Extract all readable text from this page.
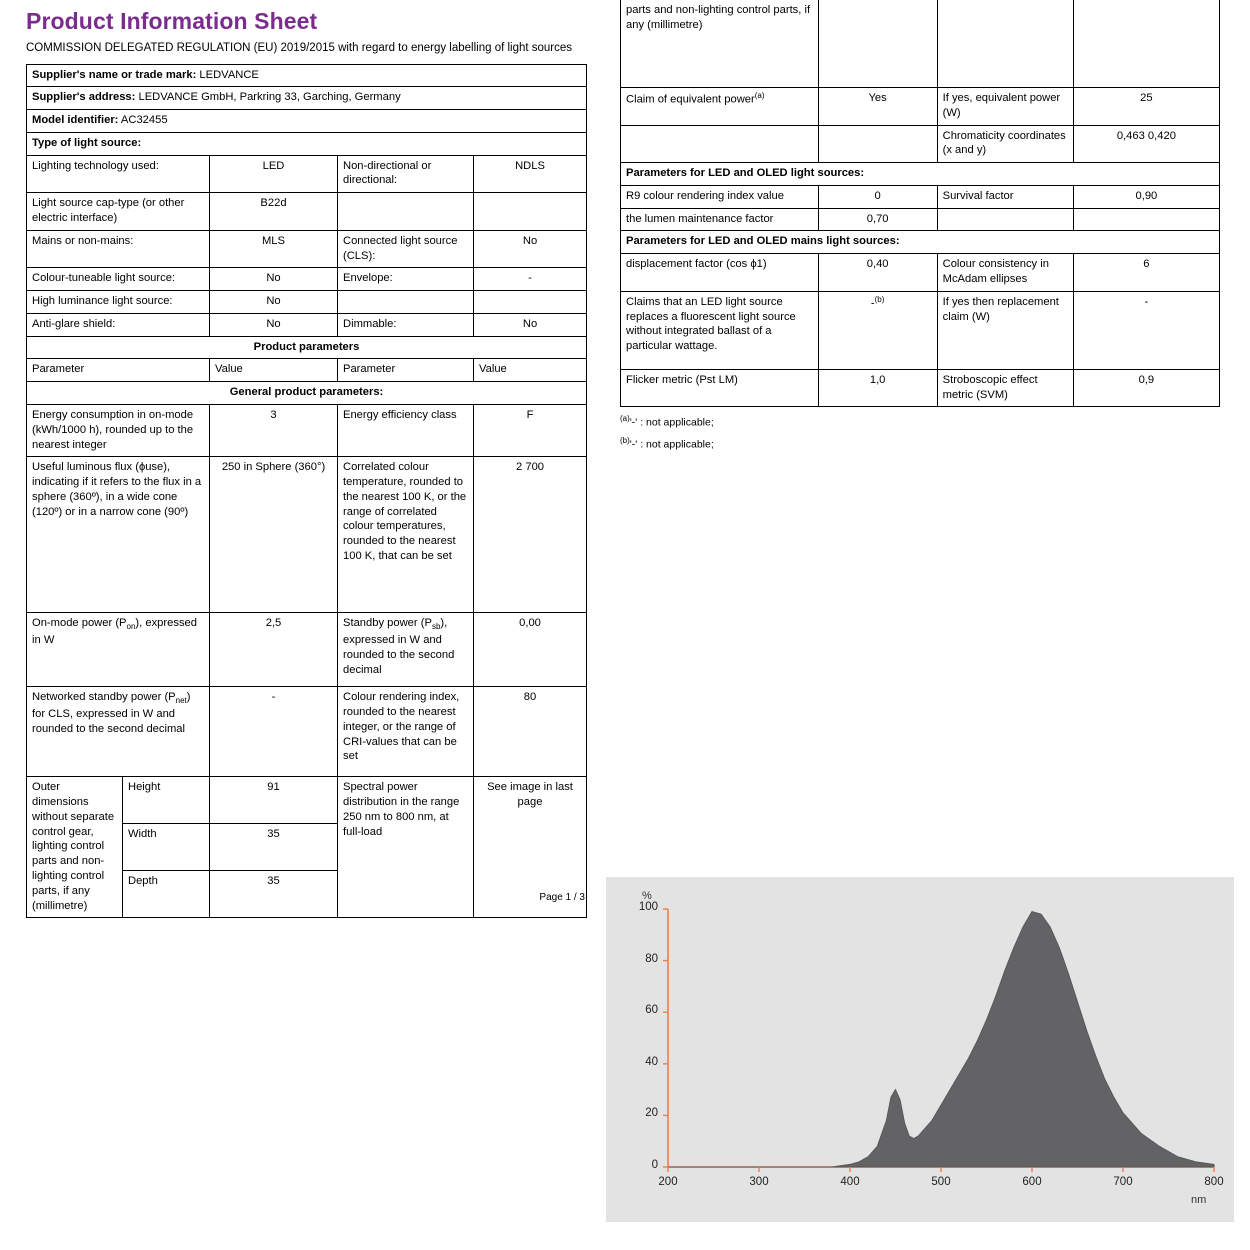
Product Information Sheet
COMMISSION DELEGATED REGULATION (EU) 2019/2015 with regard to energy labelling of light sources
Supplier's name or trade mark: LEDVANCE			
Supplier's address: LEDVANCE GmbH, Parkring 33, Garching, Germany			
Model identifier: AC32455			
Type of light source:			
Lighting technology used:	LED	Non-directional or directional:	NDLS
Light source cap-type (or other electric interface)	B22d		
Mains or non-mains:	MLS	Connected light source (CLS):	No
Colour-tuneable light source:	No	Envelope:	-
High luminance light source:	No		
Anti-glare shield:	No	Dimmable:	No
Product parameters			
Parameter	Value	Parameter	Value
General product parameters:			
Energy consumption in on-mode (kWh/1000 h), rounded up to the nearest integer	3	Energy efficiency class	F
Useful luminous flux (ϕuse), indicating if it refers to the flux in a sphere (360º), in a wide cone (120º) or in a narrow cone (90º)	250 in Sphere (360°)	Correlated colour temperature, rounded to the nearest 100 K, or the range of correlated colour temperatures, rounded to the nearest 100 K, that can be set	2 700
On-mode power $(P_{on})$, expressed in W	2,5	Standby power $(P_{sb})$, expressed in W and rounded to the second decimal	0,00
Networked standby power $(P_{net})$ for CLS, expressed in W and rounded to the second decimal	-	Colour rendering index, rounded to the nearest integer, or the range of CRI-values that can be set	80
Outer dimensions without separate control gear, lighting control parts and non-lighting control parts, if any (millimetre)	Height	91	Spectral power distribution in the range 250 nm to 800 nm, at full-load	See image in last page
	Width	35		
	Depth	35		
Page 1 / 3
parts and non-lighting control parts, if any (millimetre)			
Claim of equivalent power$^{(a)}$	Yes	If yes, equivalent power (W)	25
		Chromaticity coordinates (x and y)	0,463 0,420
Parameters for LED and OLED light sources:			
R9 colour rendering index value	0	Survival factor	0,90
the lumen maintenance factor	0,70		
Parameters for LED and OLED mains light sources:			
displacement factor (cos ϕ1)	0,40	Colour consistency in McAdam ellipses	6
Claims that an LED light source replaces a fluorescent light source without integrated ballast of a particular wattage.	-$^{(b)}$	If yes then replacement claim (W)	-
Flicker metric (Pst LM)	1,0	Stroboscopic effect metric (SVM)	0,9
$^{(a)}$'-' : not applicable;
$^{(b)}$'-' : not applicable;
%
nm
200	300	400	500	600	700	800
0
20
40
60
80
100
